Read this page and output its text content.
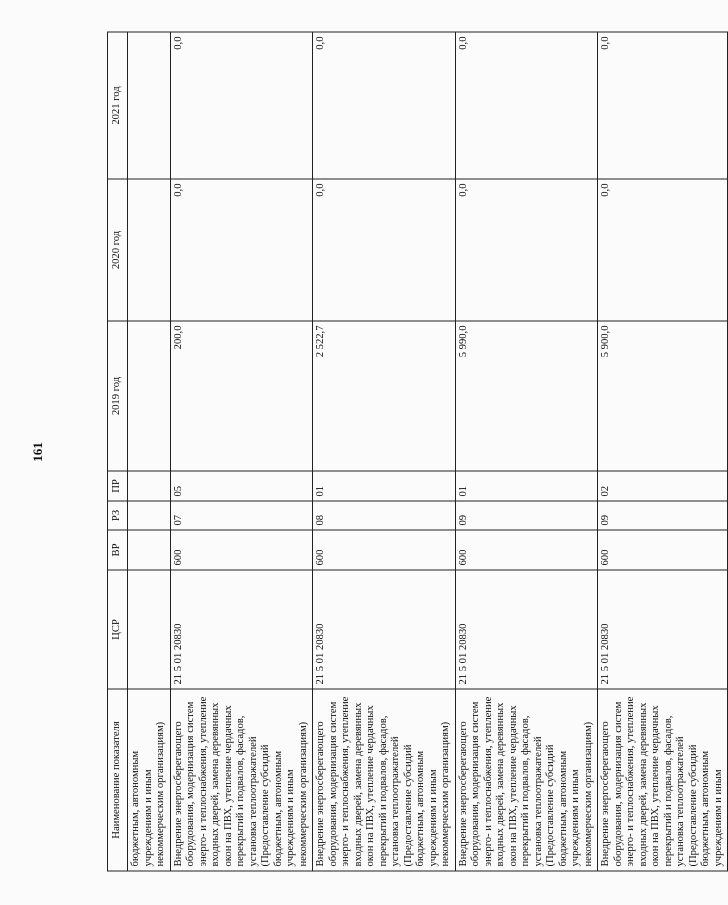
161
Наименование показателя	ЦСР	ВР	РЗ	ПР	2019 год	2020 год	2021 год
бюджетным, автономным учреждениям и иным некоммерческим организациям)							
Внедрение энергосберегающего оборудования, модернизация систем энерго- и теплоснабжения, утепление входных дверей, замена деревянных окон на ПВХ, утепление чердачных перекрытий и подвалов, фасадов, установка теплоотражателей (Предоставление субсидий бюджетным, автономным учреждениям и иным некоммерческим организациям)	21 5 01 20830	600	07	05	200,0	0,0	0,0
Внедрение энергосберегающего оборудования, модернизация систем энерго- и теплоснабжения, утепление входных дверей, замена деревянных окон на ПВХ, утепление чердачных перекрытий и подвалов, фасадов, установка теплоотражателей (Предоставление субсидий бюджетным, автономным учреждениям и иным некоммерческим организациям)	21 5 01 20830	600	08	01	2 522,7	0,0	0,0
Внедрение энергосберегающего оборудования, модернизация систем энерго- и теплоснабжения, утепление входных дверей, замена деревянных окон на ПВХ, утепление чердачных перекрытий и подвалов, фасадов, установка теплоотражателей (Предоставление субсидий бюджетным, автономным учреждениям и иным некоммерческим организациям)	21 5 01 20830	600	09	01	5 990,0	0,0	0,0
Внедрение энергосберегающего оборудования, модернизация систем энерго- и теплоснабжения, утепление входных дверей, замена деревянных окон на ПВХ, утепление чердачных перекрытий и подвалов, фасадов, установка теплоотражателей (Предоставление субсидий бюджетным, автономным учреждениям и иным	21 5 01 20830	600	09	02	5 900,0	0,0	0,0
